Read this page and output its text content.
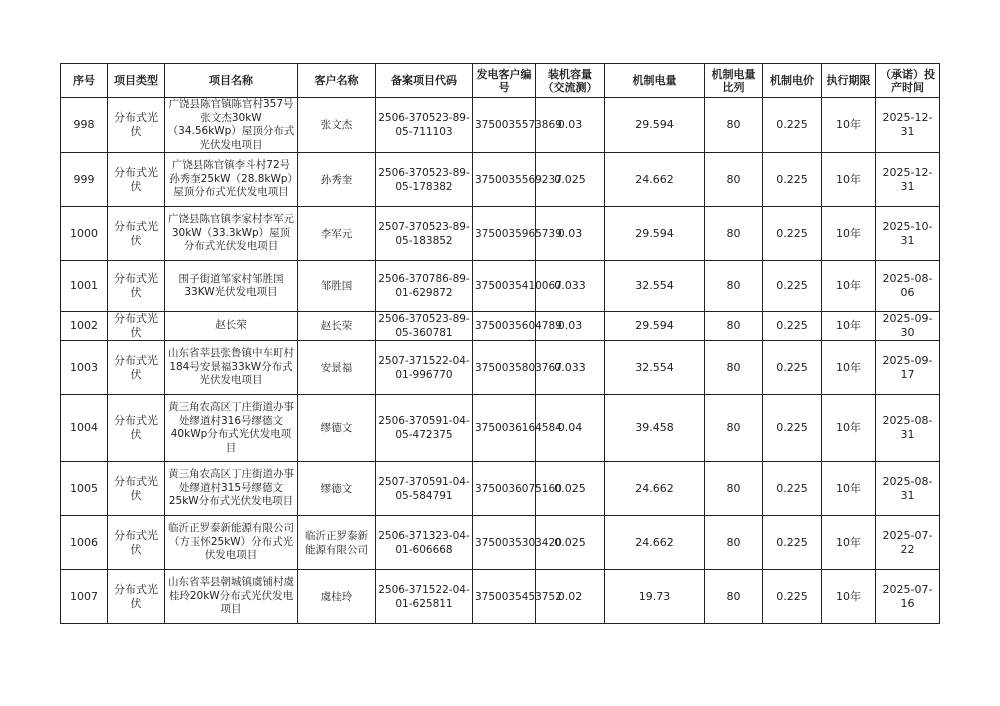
序号	项目类型	项目名称	客户名称	备案项目代码	发电客户编号	装机容量（交流测）	机制电量	机制电量比列	机制电价	执行期限	（承诺）投产时间
998	分布式光伏	广饶县陈官镇陈官村357号张文杰30kW（34.56kWp）屋顶分布式光伏发电项目	张文杰	2506-370523-89-05-711103	3750035573869	0.03	29.594	80	0.225	10年	2025-12-31
999	分布式光伏	广饶县陈官镇李斗村72号孙秀奎25kW（28.8kWp）屋顶分布式光伏发电项目	孙秀奎	2506-370523-89-05-178382	3750035569237	0.025	24.662	80	0.225	10年	2025-12-31
1000	分布式光伏	广饶县陈官镇李家村李军元30kW（33.3kWp）屋顶分布式光伏发电项目	李军元	2507-370523-89-05-183852	3750035965739	0.03	29.594	80	0.225	10年	2025-10-31
1001	分布式光伏	围子街道邹家村邹胜国33KW光伏发电项目	邹胜国	2506-370786-89-01-629872	3750035410067	0.033	32.554	80	0.225	10年	2025-08-06
1002	分布式光伏	赵长荣	赵长荣	2506-370523-89-05-360781	3750035604789	0.03	29.594	80	0.225	10年	2025-09-30
1003	分布式光伏	山东省莘县张鲁镇中车町村184号安景福33kW分布式光伏发电项目	安景福	2507-371522-04-01-996770	3750035803767	0.033	32.554	80	0.225	10年	2025-09-17
1004	分布式光伏	黄三角农高区丁庄街道办事处缪道村316号缪德文40kWp分布式光伏发电项目	缪德文	2506-370591-04-05-472375	3750036164584	0.04	39.458	80	0.225	10年	2025-08-31
1005	分布式光伏	黄三角农高区丁庄街道办事处缪道村315号缪德文25kW分布式光伏发电项目	缪德文	2507-370591-04-05-584791	3750036075160	0.025	24.662	80	0.225	10年	2025-08-31
1006	分布式光伏	临沂正罗泰新能源有限公司（方玉怀25kW）分布式光伏发电项目	临沂正罗泰新能源有限公司	2506-371323-04-01-606668	3750035303420	0.025	24.662	80	0.225	10年	2025-07-22
1007	分布式光伏	山东省莘县朝城镇虞铺村虞桂玲20kW分布式光伏发电项目	虞桂玲	2506-371522-04-01-625811	3750035453752	0.02	19.73	80	0.225	10年	2025-07-16
